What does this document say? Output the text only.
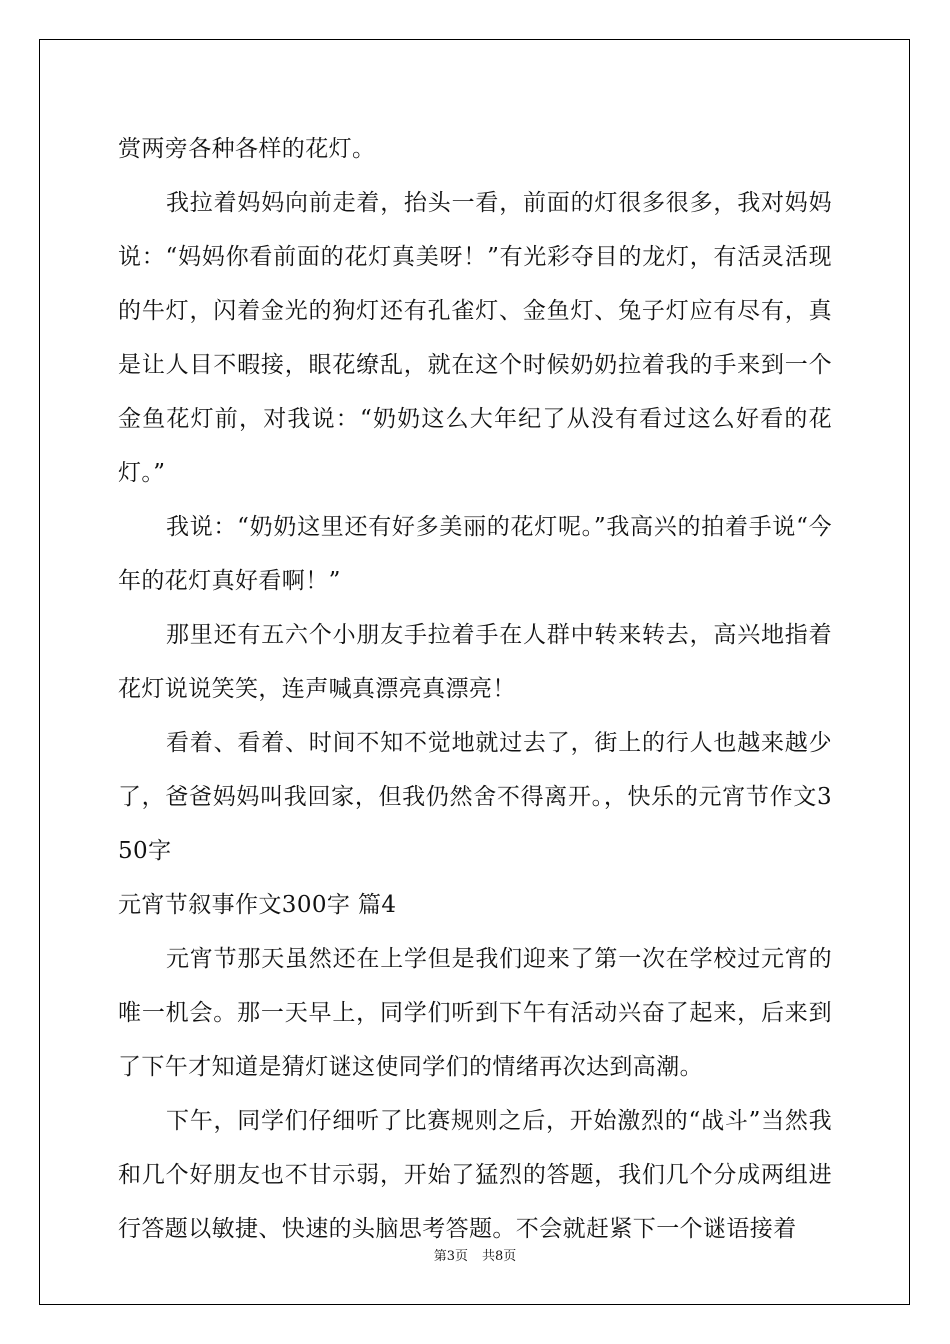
赏两旁各种各样的花灯。

我拉着妈妈向前走着，抬头一看，前面的灯很多很多，我对妈妈说：“妈妈你看前面的花灯真美呀！”有光彩夺目的龙灯，有活灵活现的牛灯，闪着金光的狗灯还有孔雀灯、金鱼灯、兔子灯应有尽有，真是让人目不暇接，眼花缭乱，就在这个时候奶奶拉着我的手来到一个金鱼花灯前，对我说：“奶奶这么大年纪了从没有看过这么好看的花灯。”

我说：“奶奶这里还有好多美丽的花灯呢。”我高兴的拍着手说“今年的花灯真好看啊！”

那里还有五六个小朋友手拉着手在人群中转来转去，高兴地指着花灯说说笑笑，连声喊真漂亮真漂亮！

看着、看着、时间不知不觉地就过去了，街上的行人也越来越少了，爸爸妈妈叫我回家，但我仍然舍不得离开。，快乐的元宵节作文350字

元宵节叙事作文300字 篇4

元宵节那天虽然还在上学但是我们迎来了第一次在学校过元宵的唯一机会。那一天早上，同学们听到下午有活动兴奋了起来，后来到了下午才知道是猜灯谜这使同学们的情绪再次达到高潮。

下午，同学们仔细听了比赛规则之后，开始激烈的“战斗”当然我和几个好朋友也不甘示弱，开始了猛烈的答题，我们几个分成两组进行答题以敏捷、快速的头脑思考答题。不会就赶紧下一个谜语接着

第3页 共8页
